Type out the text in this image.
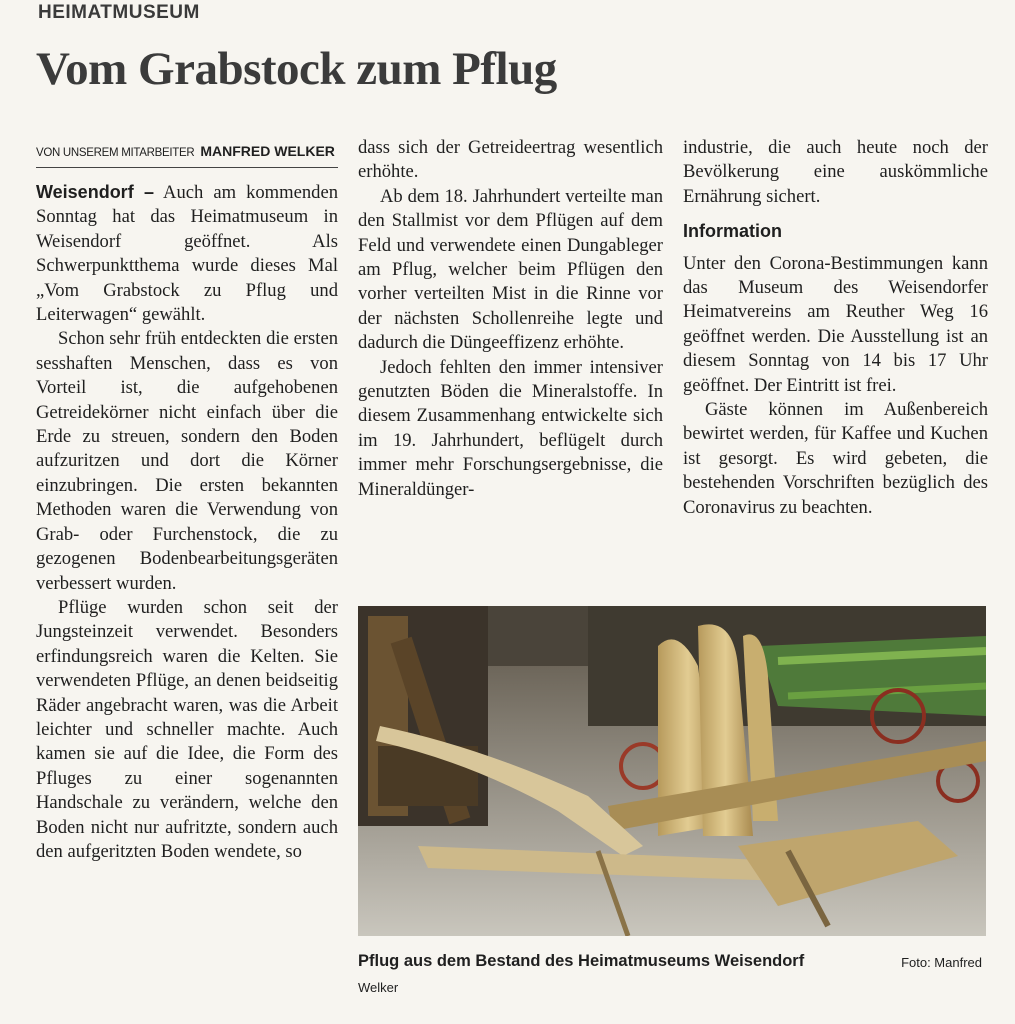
HEIMATMUSEUM
Vom Grabstock zum Pflug
VON UNSEREM MITARBEITER MANFRED WELKER

Weisendorf – Auch am kommenden Sonntag hat das Heimatmuseum in Weisendorf geöffnet. Als Schwerpunktthema wurde dieses Mal „Vom Grabstock zu Pflug und Leiterwagen“ gewählt.

Schon sehr früh entdeckten die ersten sesshaften Menschen, dass es von Vorteil ist, die aufgehobenen Getreidekörner nicht einfach über die Erde zu streuen, sondern den Boden aufzuritzen und dort die Körner einzubringen. Die ersten bekannten Methoden waren die Verwendung von Grab- oder Furchenstock, die zu gezogenen Bodenbearbeitungsgeräten verbessert wurden.

Pflüge wurden schon seit der Jungsteinzeit verwendet. Besonders erfindungsreich waren die Kelten. Sie verwendeten Pflüge, an denen beidseitig Räder angebracht waren, was die Arbeit leichter und schneller machte. Auch kamen sie auf die Idee, die Form des Pfluges zu einer sogenannten Handschale zu verändern, welche den Boden nicht nur aufritzte, sondern auch den aufgeritzten Boden wendete, so

dass sich der Getreideertrag wesentlich erhöhte.

Ab dem 18. Jahrhundert verteilte man den Stallmist vor dem Pflügen auf dem Feld und verwendete einen Dungableger am Pflug, welcher beim Pflügen den vorher verteilten Mist in die Rinne vor der nächsten Schollenreihe legte und dadurch die Düngeeffizenz erhöhte.

Jedoch fehlten den immer intensiver genutzten Böden die Mineralstoffe. In diesem Zusammenhang entwickelte sich im 19. Jahrhundert, beflügelt durch immer mehr Forschungsergebnisse, die Mineraldünger-

industrie, die auch heute noch der Bevölkerung eine auskömmliche Ernährung sichert.

Information

Unter den Corona-Bestimmungen kann das Museum des Weisendorfer Heimatvereins am Reuther Weg 16 geöffnet werden. Die Ausstellung ist an diesem Sonntag von 14 bis 17 Uhr geöffnet. Der Eintritt ist frei.

Gäste können im Außenbereich bewirtet werden, für Kaffee und Kuchen ist gesorgt. Es wird gebeten, die bestehenden Vorschriften bezüglich des Coronavirus zu beachten.

Pflug aus dem Bestand des Heimatmuseums Weisendorf	Foto: Manfred
Welker
